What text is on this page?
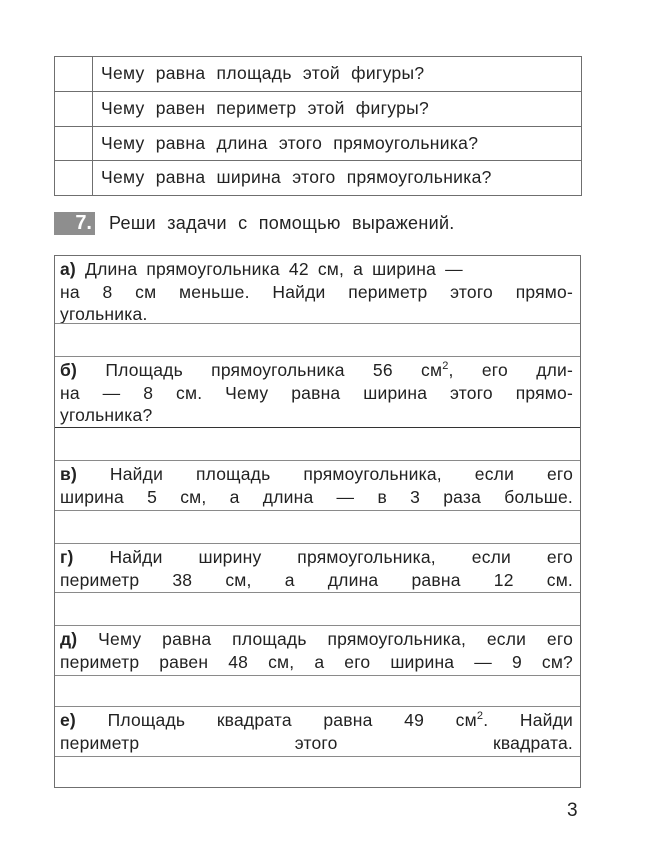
Чему равна площадь этой фигуры?
Чему равен периметр этой фигуры?
Чему равна длина этого прямоугольника?
Чему равна ширина этого прямоугольника?
7. Реши задачи с помощью выражений.
а) Длина прямоугольника 42 см, а ширина —
на 8 см меньше. Найди периметр этого прямо-
угольника.
б) Площадь прямоугольника 56 $см^2$, его дли-
на — 8 см. Чему равна ширина этого прямо-
угольника?
в) Найди площадь прямоугольника, если его
ширина 5 см, а длина — в 3 раза больше.
г) Найди ширину прямоугольника, если его
периметр 38 см, а длина равна 12 см.
д) Чему равна площадь прямоугольника, если его
периметр равен 48 см, а его ширина — 9 см?
е) Площадь квадрата равна 49 $см^2$. Найди
периметр этого квадрата.
3
